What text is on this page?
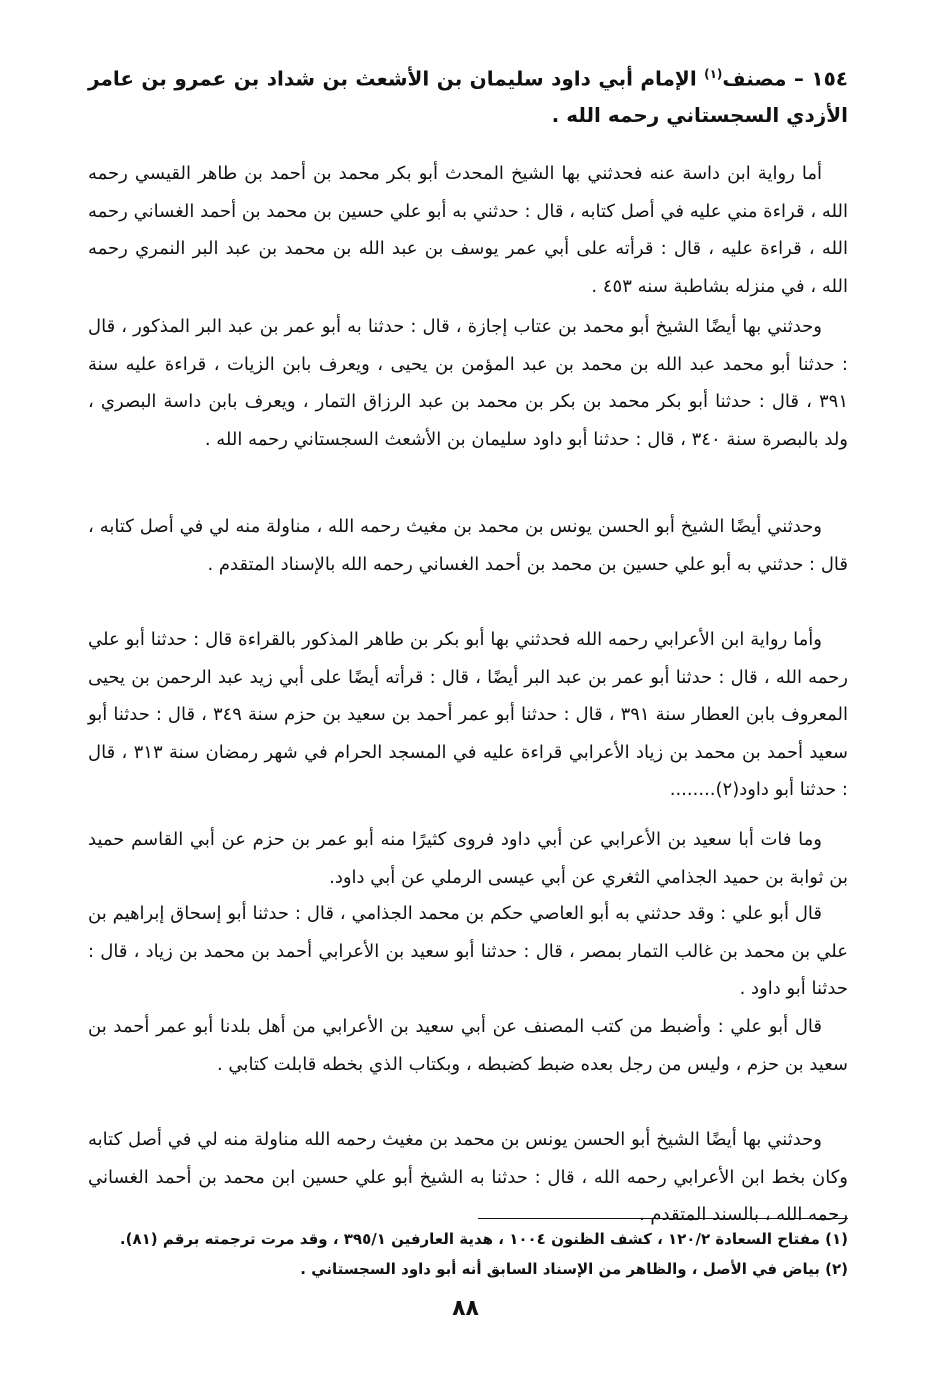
١٥٤ – مصنف$^{(١)}$ الإمام أبي داود سليمان بن الأشعث بن شداد بن عمرو بن عامر الأزدي السجستاني رحمه الله .

أما رواية ابن داسة عنه فحدثني بها الشيخ المحدث أبو بكر محمد بن أحمد بن طاهر القيسي رحمه الله ، قراءة مني عليه في أصل كتابه ، قال : حدثني به أبو علي حسين بن محمد بن أحمد الغساني رحمه الله ، قراءة عليه ، قال : قرأته على أبي عمر يوسف بن عبد الله بن محمد بن عبد البر النمري رحمه الله ، في منزله بشاطبة سنه ٤٥٣ .

وحدثني بها أيضًا الشيخ أبو محمد بن عتاب إجازة ، قال : حدثنا به أبو عمر بن عبد البر المذكور ، قال : حدثنا أبو محمد عبد الله بن محمد بن عبد المؤمن بن يحيى ، ويعرف بابن الزيات ، قراءة عليه سنة ٣٩١ ، قال : حدثنا أبو بكر محمد بن بكر بن محمد بن عبد الرزاق التمار ، ويعرف بابن داسة البصري ، ولد بالبصرة سنة ٣٤٠ ، قال : حدثنا أبو داود سليمان بن الأشعث السجستاني رحمه الله .

وحدثني أيضًا الشيخ أبو الحسن يونس بن محمد بن مغيث رحمه الله ، مناولة منه لي في أصل كتابه ، قال : حدثني به أبو علي حسين بن محمد بن أحمد الغساني رحمه الله بالإسناد المتقدم .

وأما رواية ابن الأعرابي رحمه الله فحدثني بها أبو بكر بن طاهر المذكور بالقراءة قال : حدثنا أبو علي رحمه الله ، قال : حدثنا أبو عمر بن عبد البر أيضًا ، قال : قرأته أيضًا على أبي زيد عبد الرحمن بن يحيى المعروف بابن العطار سنة ٣٩١ ، قال : حدثنا أبو عمر أحمد بن سعيد بن حزم سنة ٣٤٩ ، قال : حدثنا أبو سعيد أحمد بن محمد بن زياد الأعرابي قراءة عليه في المسجد الحرام في شهر رمضان سنة ٣١٣ ، قال : حدثنا أبو داود(٢)........

وما فات أبا سعيد بن الأعرابي عن أبي داود فروى كثيرًا منه أبو عمر بن حزم عن أبي القاسم حميد بن ثوابة بن حميد الجذامي الثغري عن أبي عيسى الرملي عن أبي داود.

قال أبو علي : وقد حدثني به أبو العاصي حكم بن محمد الجذامي ، قال : حدثنا أبو إسحاق إبراهيم بن علي بن محمد بن غالب التمار بمصر ، قال : حدثنا أبو سعيد بن الأعرابي أحمد بن محمد بن زياد ، قال : حدثنا أبو داود .

قال أبو علي : وأضبط من كتب المصنف عن أبي سعيد بن الأعرابي من أهل بلدنا أبو عمر أحمد بن سعيد بن حزم ، وليس من رجل بعده ضبط كضبطه ، وبكتاب الذي بخطه قابلت كتابي .

وحدثني بها أيضًا الشيخ أبو الحسن يونس بن محمد بن مغيث رحمه الله مناولة منه لي في أصل كتابه وكان بخط ابن الأعرابي رحمه الله ، قال : حدثنا به الشيخ أبو علي حسين ابن محمد بن أحمد الغساني رحمه الله ، بالسند المتقدم .

(١) مفتاح السعادة ١٢٠/٢ ، كشف الظنون ١٠٠٤ ، هدية العارفين ٣٩٥/١ ، وقد مرت ترجمته برقم (٨١).
(٢) بياض في الأصل ، والظاهر من الإسناد السابق أنه أبو داود السجستاني .
٨٨
